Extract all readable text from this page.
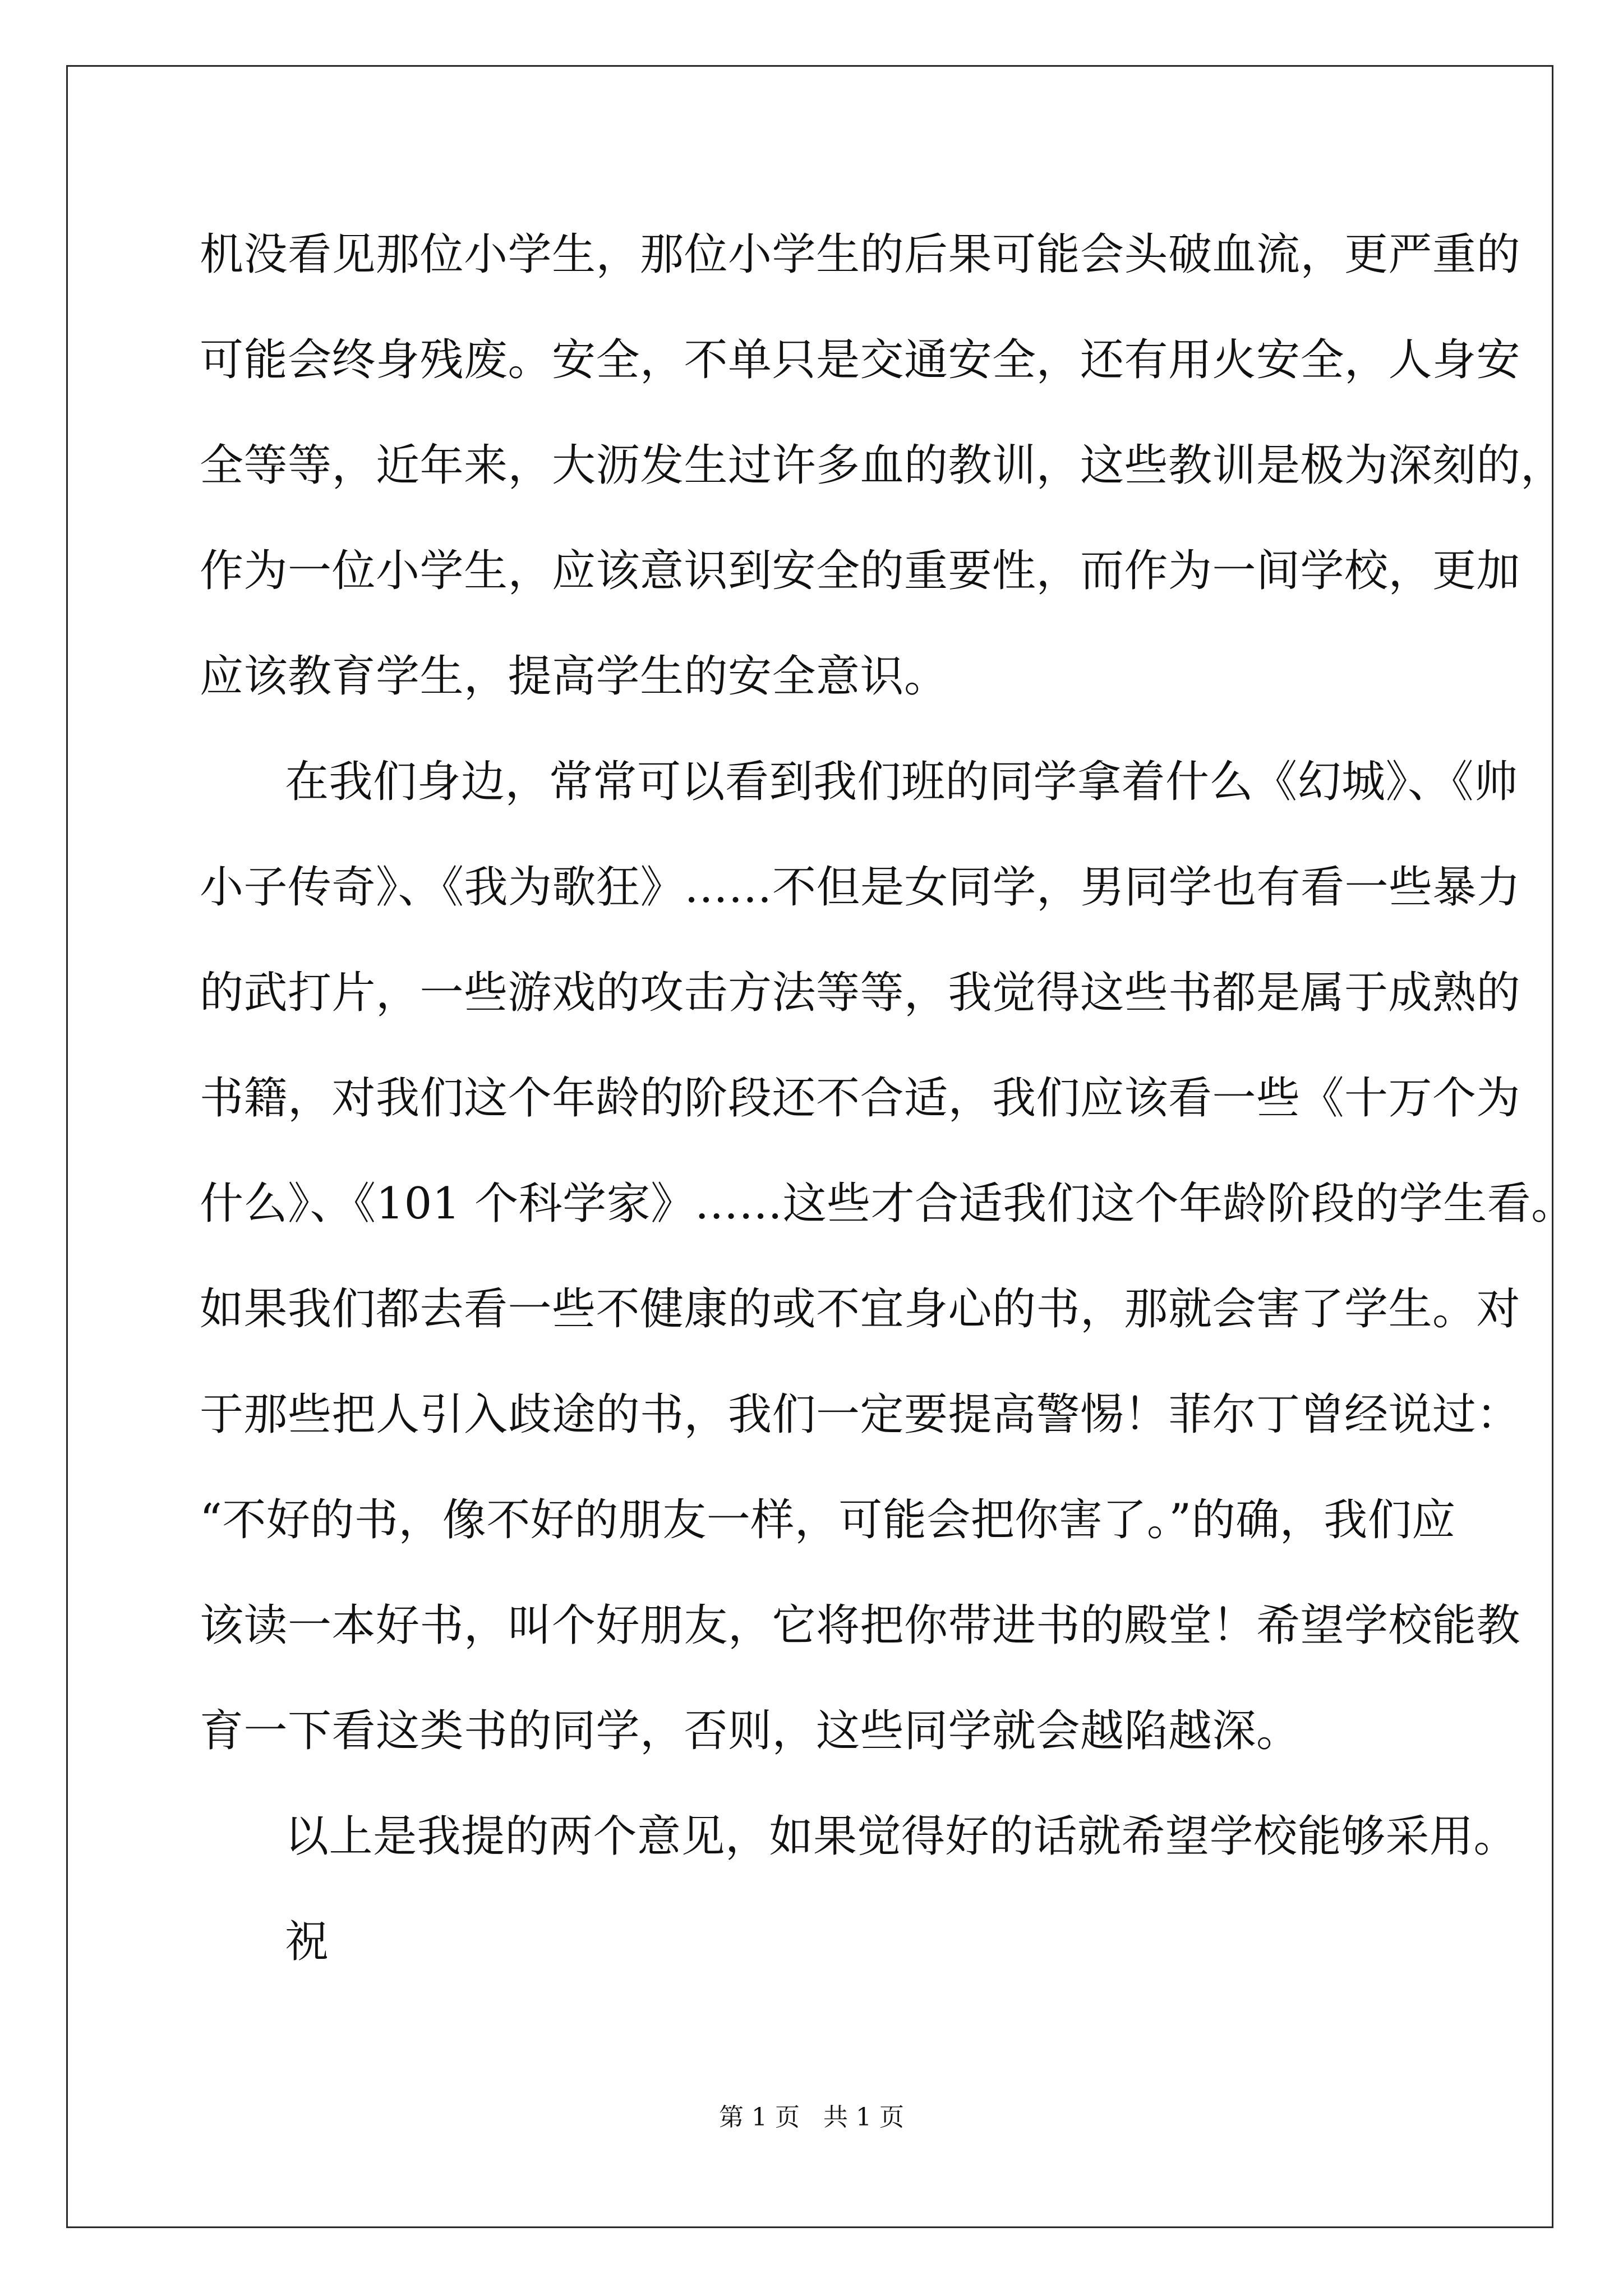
机没看见那位小学生，那位小学生的后果可能会头破血流，更严重的
可能会终身残废。安全，不单只是交通安全，还有用火安全，人身安
全等等，近年来，大沥发生过许多血的教训，这些教训是极为深刻的，
作为一位小学生，应该意识到安全的重要性，而作为一间学校，更加
应该教育学生，提高学生的安全意识。
在我们身边，常常可以看到我们班的同学拿着什么《幻城》、《帅
小子传奇》、《我为歌狂》……不但是女同学，男同学也有看一些暴力
的武打片，一些游戏的攻击方法等等，我觉得这些书都是属于成熟的
书籍，对我们这个年龄的阶段还不合适，我们应该看一些《十万个为
什么》、《101 个科学家》……这些才合适我们这个年龄阶段的学生看。
如果我们都去看一些不健康的或不宜身心的书，那就会害了学生。对
于那些把人引入歧途的书，我们一定要提高警惕！菲尔丁曾经说过：
“不好的书，像不好的朋友一样，可能会把你害了。”的确，我们应
该读一本好书，叫个好朋友，它将把你带进书的殿堂！希望学校能教
育一下看这类书的同学，否则，这些同学就会越陷越深。
以上是我提的两个意见，如果觉得好的话就希望学校能够采用。
祝
第 1 页   共 1 页
